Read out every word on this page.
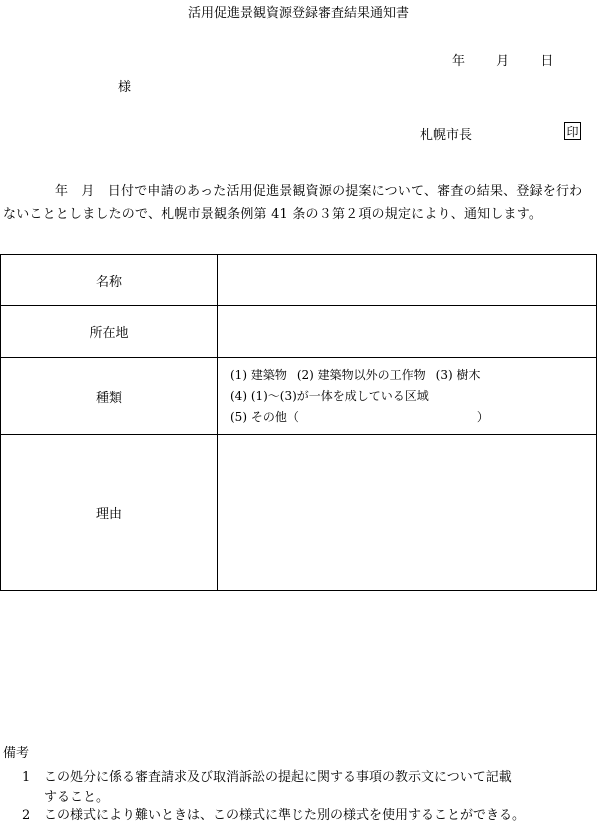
活用促進景観資源登録審査結果通知書
年 月 日
様
札幌市長	印
年　月　日付で申請のあった活用促進景観資源の提案について、審査の結果、登録を行わないこととしましたので、札幌市景観条例第 41 条の３第２項の規定により、通知します。
名称	
所在地	
種類	(1) 建築物 (2) 建築物以外の工作物 (3) 樹木
(4) (1)～(3)が一体を成している区域
(5) その他（ ）

理由	
備考
1 この処分に係る審査請求及び取消訴訟の提起に関する事項の教示文について記載
すること。
2 この様式により難いときは、この様式に準じた別の様式を使用することができる。
